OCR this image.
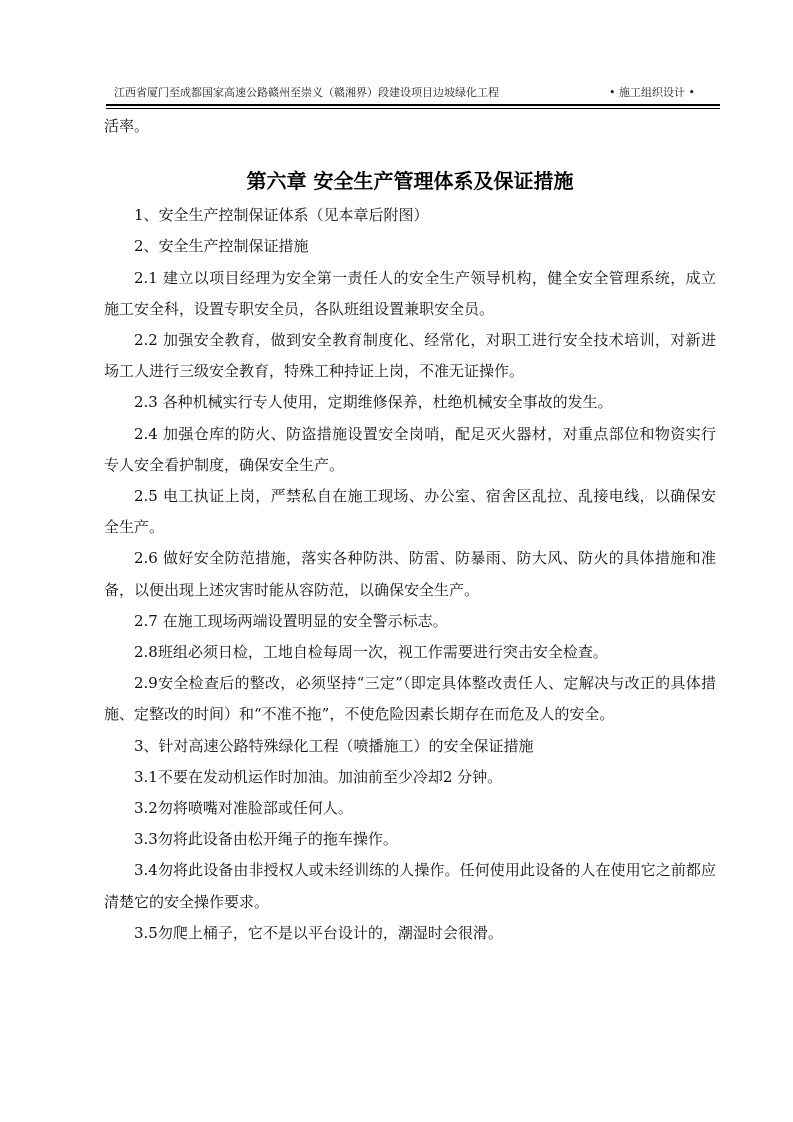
江西省厦门至成都国家高速公路赣州至崇义（赣湘界）段建设项目边坡绿化工程	• 施工组织设计 •

活率。

第六章 安全生产管理体系及保证措施

1、安全生产控制保证体系（见本章后附图）

2、安全生产控制保证措施

2.1 建立以项目经理为安全第一责任人的安全生产领导机构，健全安全管理系统，成立施工安全科，设置专职安全员，各队班组设置兼职安全员。

2.2 加强安全教育，做到安全教育制度化、经常化，对职工进行安全技术培训，对新进场工人进行三级安全教育，特殊工种持证上岗，不准无证操作。

2.3 各种机械实行专人使用，定期维修保养，杜绝机械安全事故的发生。

2.4 加强仓库的防火、防盗措施设置安全岗哨，配足灭火器材，对重点部位和物资实行专人安全看护制度，确保安全生产。

2.5 电工执证上岗，严禁私自在施工现场、办公室、宿舍区乱拉、乱接电线，以确保安全生产。

2.6 做好安全防范措施，落实各种防洪、防雷、防暴雨、防大风、防火的具体措施和准备，以便出现上述灾害时能从容防范，以确保安全生产。

2.7 在施工现场两端设置明显的安全警示标志。

2.8班组必须日检，工地自检每周一次，视工作需要进行突击安全检查。

2.9安全检查后的整改，必须坚持“三定”（即定具体整改责任人、定解决与改正的具体措施、定整改的时间）和“不准不拖”，不使危险因素长期存在而危及人的安全。

3、针对高速公路特殊绿化工程（喷播施工）的安全保证措施

3.1不要在发动机运作时加油。加油前至少冷却2 分钟。

3.2勿将喷嘴对准脸部或任何人。

3.3勿将此设备由松开绳子的拖车操作。

3.4勿将此设备由非授权人或未经训练的人操作。任何使用此设备的人在使用它之前都应清楚它的安全操作要求。

3.5勿爬上桶子，它不是以平台设计的，潮湿时会很滑。
